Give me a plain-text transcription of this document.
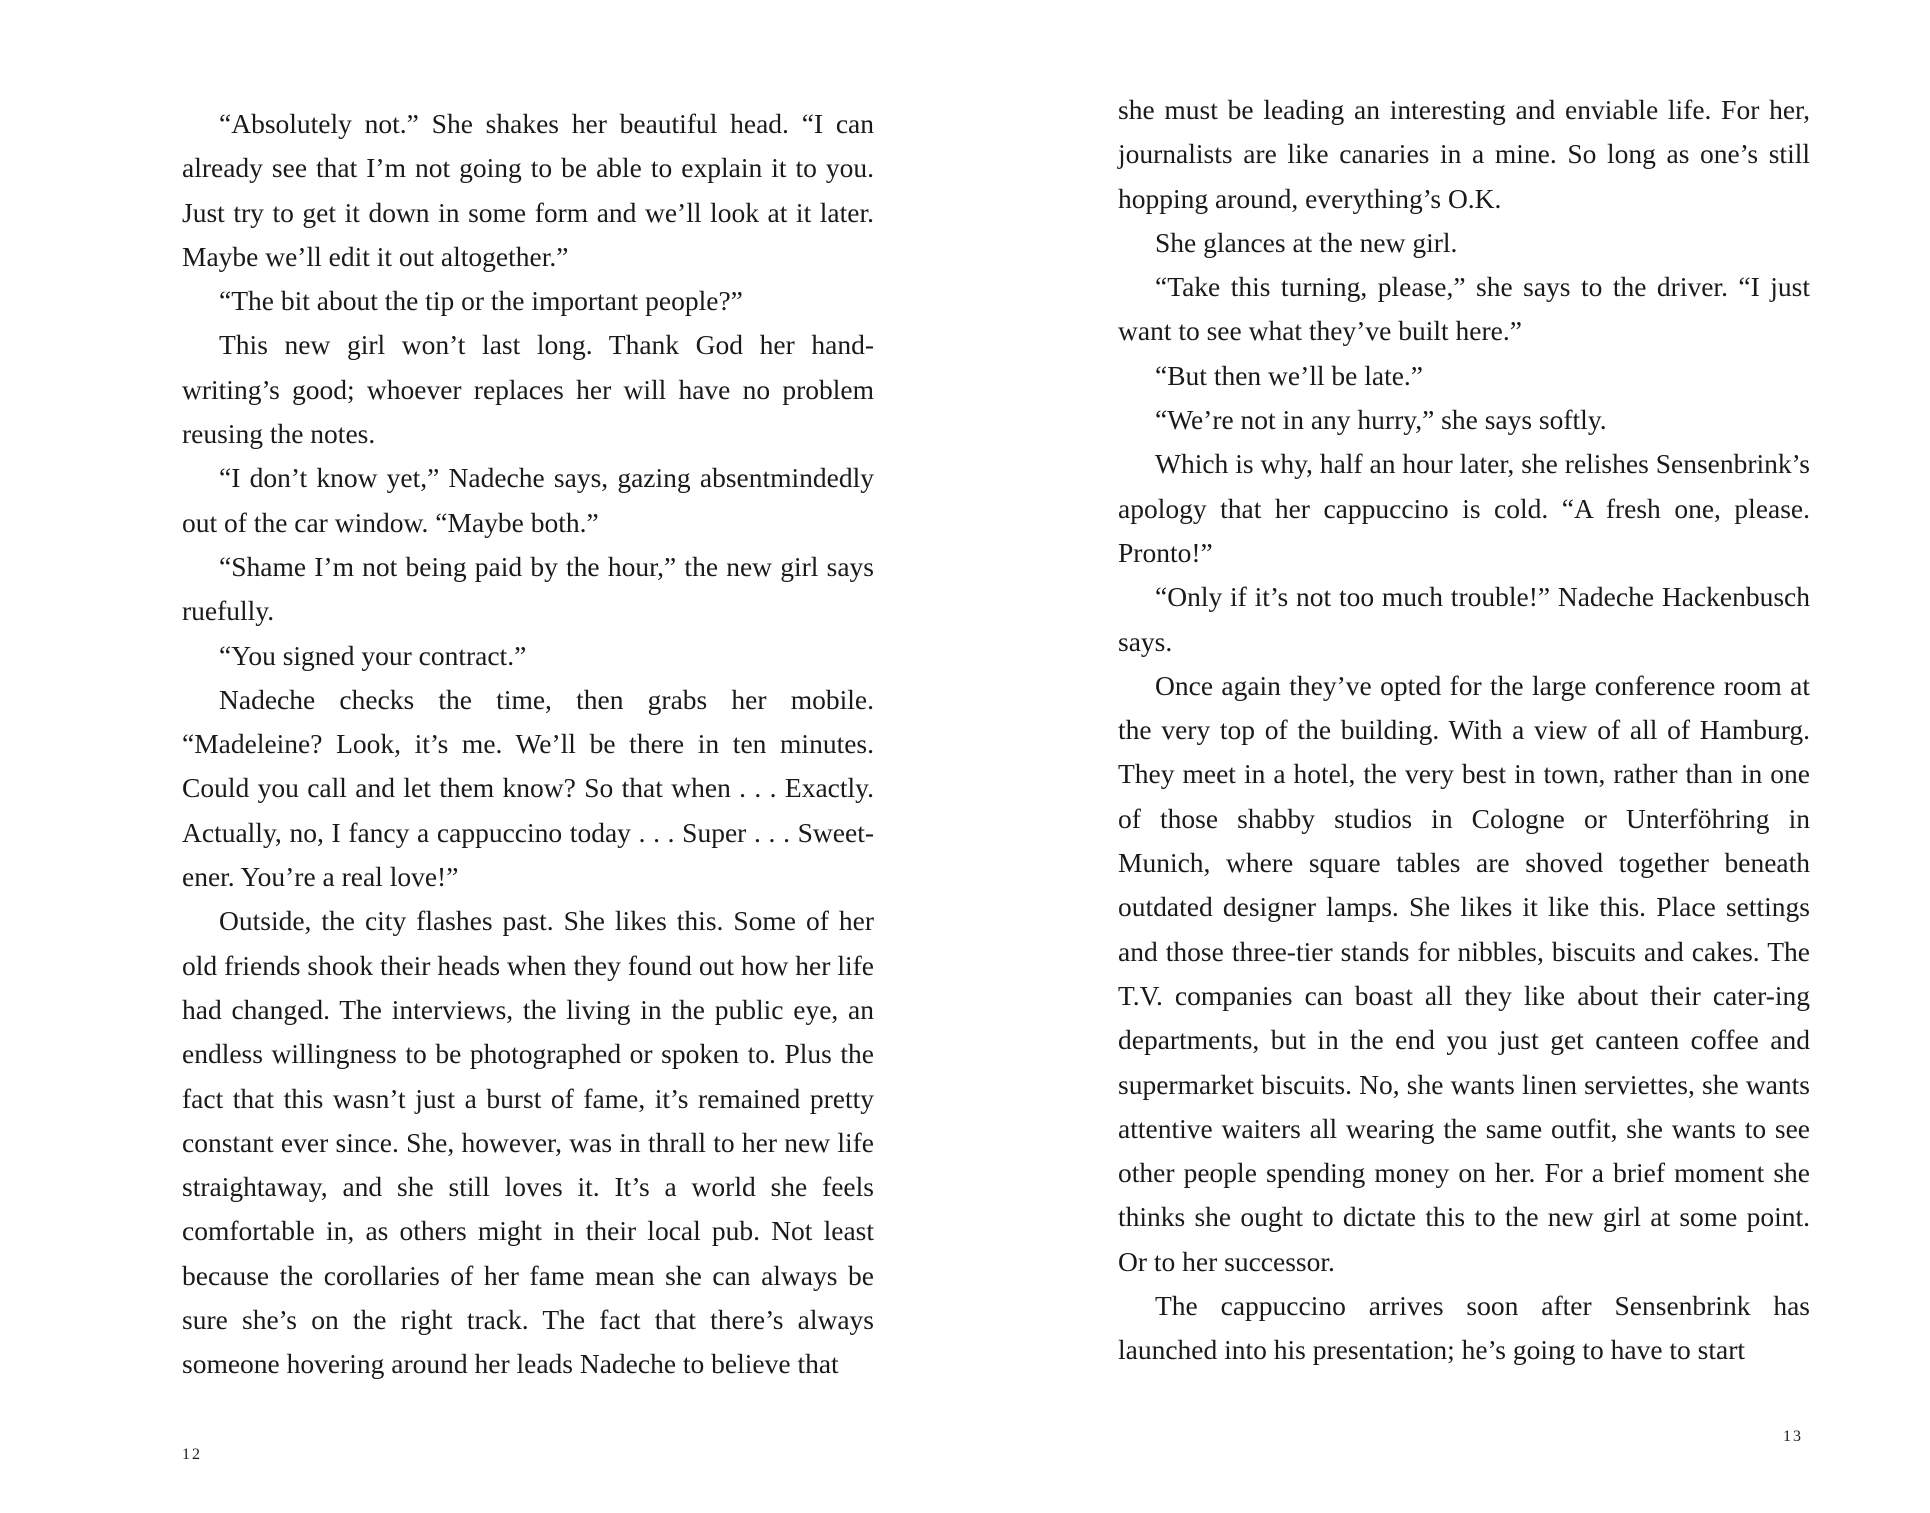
“Absolutely not.” She shakes her beautiful head. “I can already see that I’m not going to be able to explain it to you. Just try to get it down in some form and we’ll look at it later. Maybe we’ll edit it out altogether.”

“The bit about the tip or the important people?”

This new girl won’t last long. Thank God her hand-writing’s good; whoever replaces her will have no problem reusing the notes.

“I don’t know yet,” Nadeche says, gazing absentmindedly out of the car window. “Maybe both.”

“Shame I’m not being paid by the hour,” the new girl says ruefully.

“You signed your contract.”

Nadeche checks the time, then grabs her mobile. “Madeleine? Look, it’s me. We’ll be there in ten minutes. Could you call and let them know? So that when . . . Exactly. Actually, no, I fancy a cappuccino today . . . Super . . . Sweet-ener. You’re a real love!”

Outside, the city flashes past. She likes this. Some of her old friends shook their heads when they found out how her life had changed. The interviews, the living in the public eye, an endless willingness to be photographed or spoken to. Plus the fact that this wasn’t just a burst of fame, it’s remained pretty constant ever since. She, however, was in thrall to her new life straightaway, and she still loves it. It’s a world she feels comfortable in, as others might in their local pub. Not least because the corollaries of her fame mean she can always be sure she’s on the right track. The fact that there’s always someone hovering around her leads Nadeche to believe that

she must be leading an interesting and enviable life. For her, journalists are like canaries in a mine. So long as one’s still hopping around, everything’s O.K.

She glances at the new girl.

“Take this turning, please,” she says to the driver. “I just want to see what they’ve built here.”

“But then we’ll be late.”

“We’re not in any hurry,” she says softly.

Which is why, half an hour later, she relishes Sensenbrink’s apology that her cappuccino is cold. “A fresh one, please. Pronto!”

“Only if it’s not too much trouble!” Nadeche Hackenbusch says.

Once again they’ve opted for the large conference room at the very top of the building. With a view of all of Hamburg. They meet in a hotel, the very best in town, rather than in one of those shabby studios in Cologne or Unterföhring in Munich, where square tables are shoved together beneath outdated designer lamps. She likes it like this. Place settings and those three-tier stands for nibbles, biscuits and cakes. The T.V. companies can boast all they like about their cater-ing departments, but in the end you just get canteen coffee and supermarket biscuits. No, she wants linen serviettes, she wants attentive waiters all wearing the same outfit, she wants to see other people spending money on her. For a brief moment she thinks she ought to dictate this to the new girl at some point. Or to her successor.

The cappuccino arrives soon after Sensenbrink has launched into his presentation; he’s going to have to start

12
13
